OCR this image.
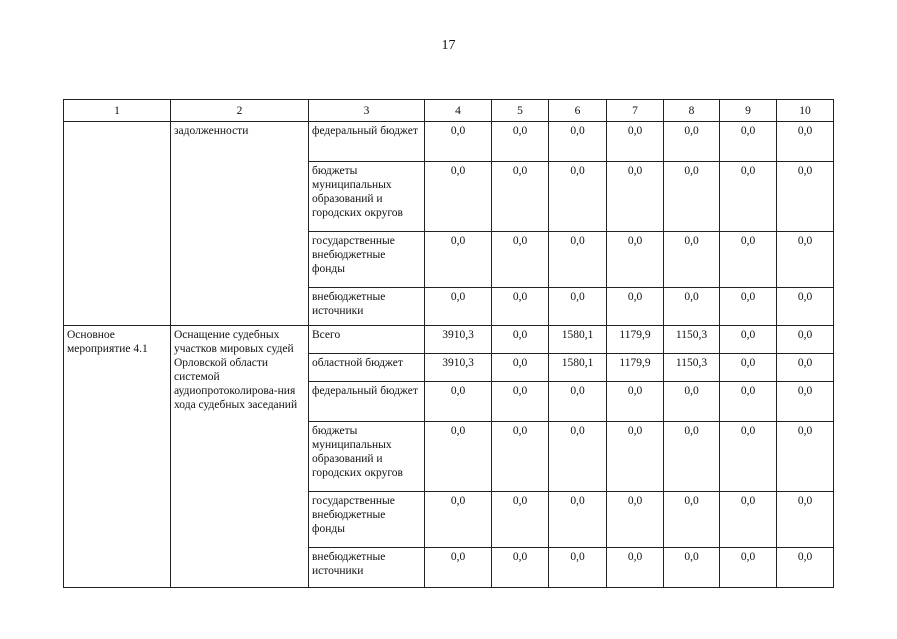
17
1	2	3	4	5	6	7	8	9	10
	задолженности	федеральный бюджет	0,0	0,0	0,0	0,0	0,0	0,0	0,0
		бюджеты муниципальных образований и городских округов	0,0	0,0	0,0	0,0	0,0	0,0	0,0
		государственные внебюджетные фонды	0,0	0,0	0,0	0,0	0,0	0,0	0,0
		внебюджетные источники	0,0	0,0	0,0	0,0	0,0	0,0	0,0
Основное мероприятие 4.1	Оснащение судебных участков мировых судей Орловской области системой аудиопротоколирова-ния хода судебных заседаний	Всего	3910,3	0,0	1580,1	1179,9	1150,3	0,0	0,0
		областной бюджет	3910,3	0,0	1580,1	1179,9	1150,3	0,0	0,0
		федеральный бюджет	0,0	0,0	0,0	0,0	0,0	0,0	0,0
		бюджеты муниципальных образований и городских округов	0,0	0,0	0,0	0,0	0,0	0,0	0,0
		государственные внебюджетные фонды	0,0	0,0	0,0	0,0	0,0	0,0	0,0
		внебюджетные источники	0,0	0,0	0,0	0,0	0,0	0,0	0,0
